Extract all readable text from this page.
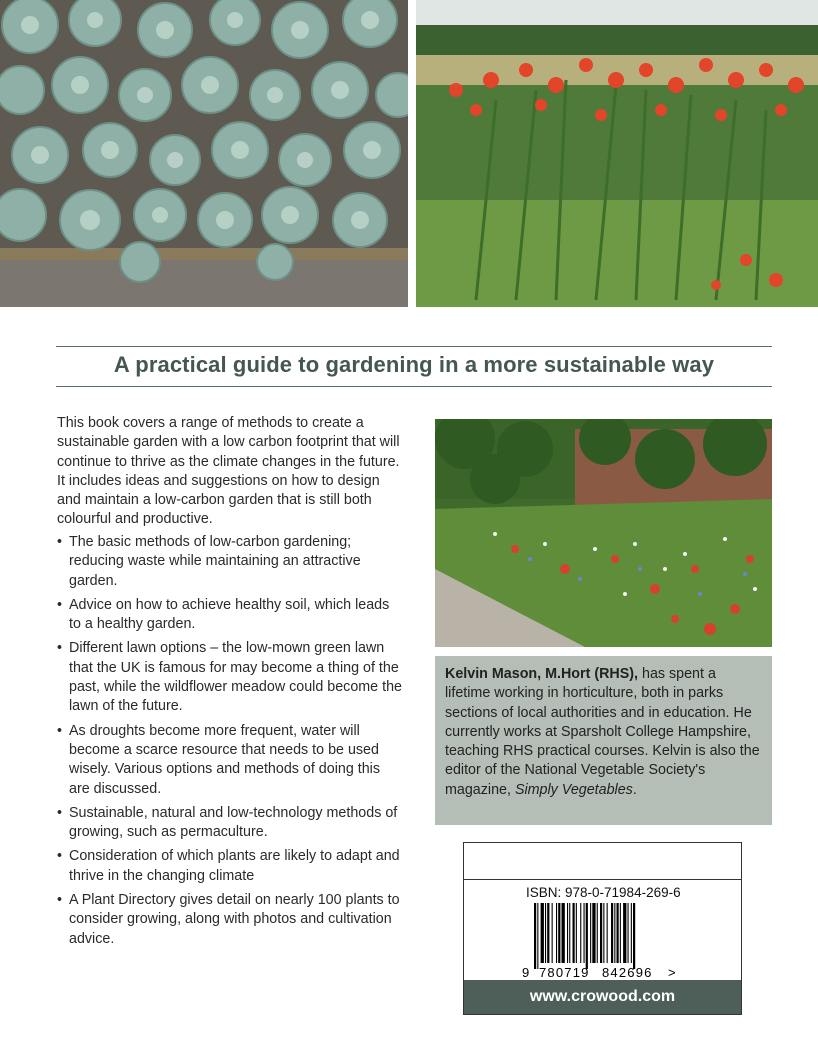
A practical guide to gardening in a more sustainable way

This book covers a range of methods to create a sustainable garden with a low carbon footprint that will continue to thrive as the climate changes in the future. It includes ideas and suggestions on how to design and maintain a low-carbon garden that is still both colourful and productive.

• The basic methods of low-carbon gardening; reducing waste while maintaining an attractive garden.
• Advice on how to achieve healthy soil, which leads to a healthy garden.
• Different lawn options – the low-mown green lawn that the UK is famous for may become a thing of the past, while the wildflower meadow could become the lawn of the future.
• As droughts become more frequent, water will become a scarce resource that needs to be used wisely. Various options and methods of doing this are discussed.
• Sustainable, natural and low-technology methods of growing, such as permaculture.
• Consideration of which plants are likely to adapt and thrive in the changing climate
• A Plant Directory gives detail on nearly 100 plants to consider growing, along with photos and cultivation advice.
Kelvin Mason, M.Hort (RHS), has spent a lifetime working in horticulture, both in parks sections of local authorities and in education. He currently works at Sparsholt College Hampshire, teaching RHS practical courses. Kelvin is also the editor of the National Vegetable Society's magazine, Simply Vegetables.
ISBN: 978-0-71984-269-6
9 780719 842696 >
www.crowood.com
